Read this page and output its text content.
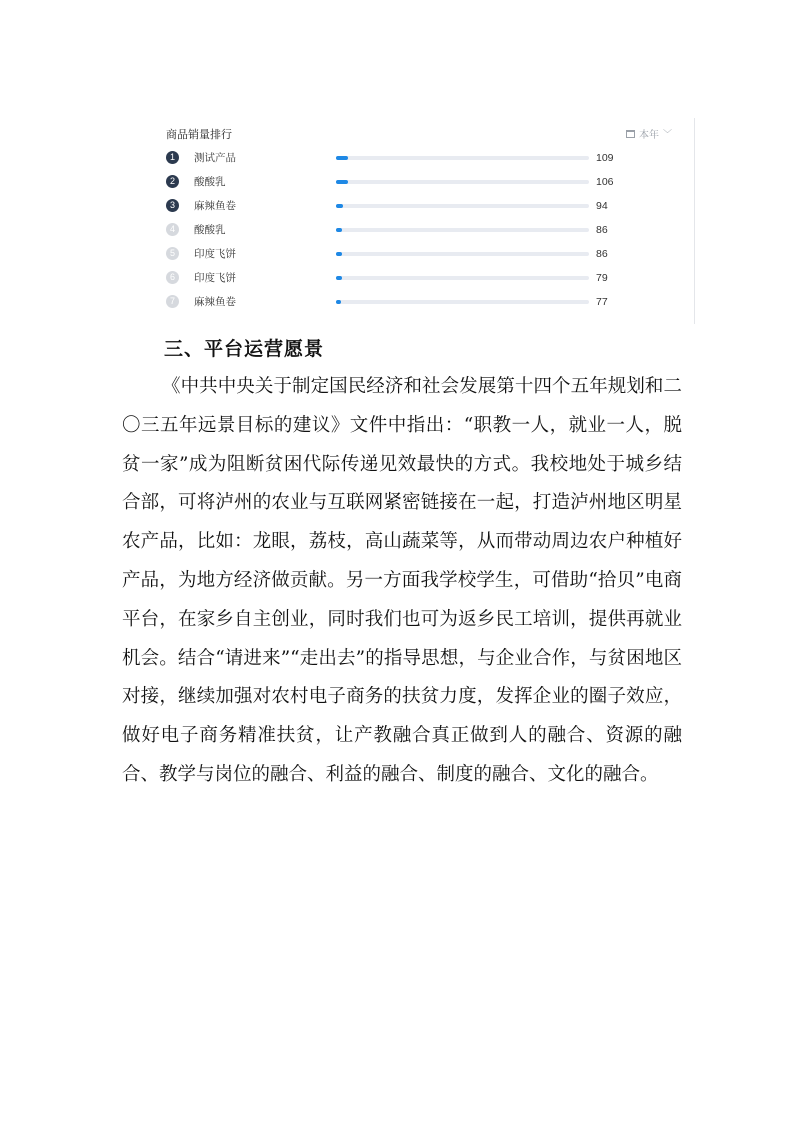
商品销量排行	本年 ﹀
1	测试产品	109
2	酸酸乳	106
3	麻辣鱼卷	94
4	酸酸乳	86
5	印度飞饼	86
6	印度飞饼	79
7	麻辣鱼卷	77
三、平台运营愿景

《中共中央关于制定国民经济和社会发展第十四个五年规划和二〇三五年远景目标的建议》文件中指出：“职教一人，就业一人，脱贫一家”成为阻断贫困代际传递见效最快的方式。我校地处于城乡结合部，可将泸州的农业与互联网紧密链接在一起，打造泸州地区明星农产品，比如：龙眼，荔枝，高山蔬菜等，从而带动周边农户种植好产品，为地方经济做贡献。另一方面我学校学生，可借助“拾贝”电商平台，在家乡自主创业，同时我们也可为返乡民工培训，提供再就业机会。结合“请进来”“走出去”的指导思想，与企业合作，与贫困地区对接，继续加强对农村电子商务的扶贫力度，发挥企业的圈子效应，做好电子商务精准扶贫，让产教融合真正做到人的融合、资源的融合、教学与岗位的融合、利益的融合、制度的融合、文化的融合。
